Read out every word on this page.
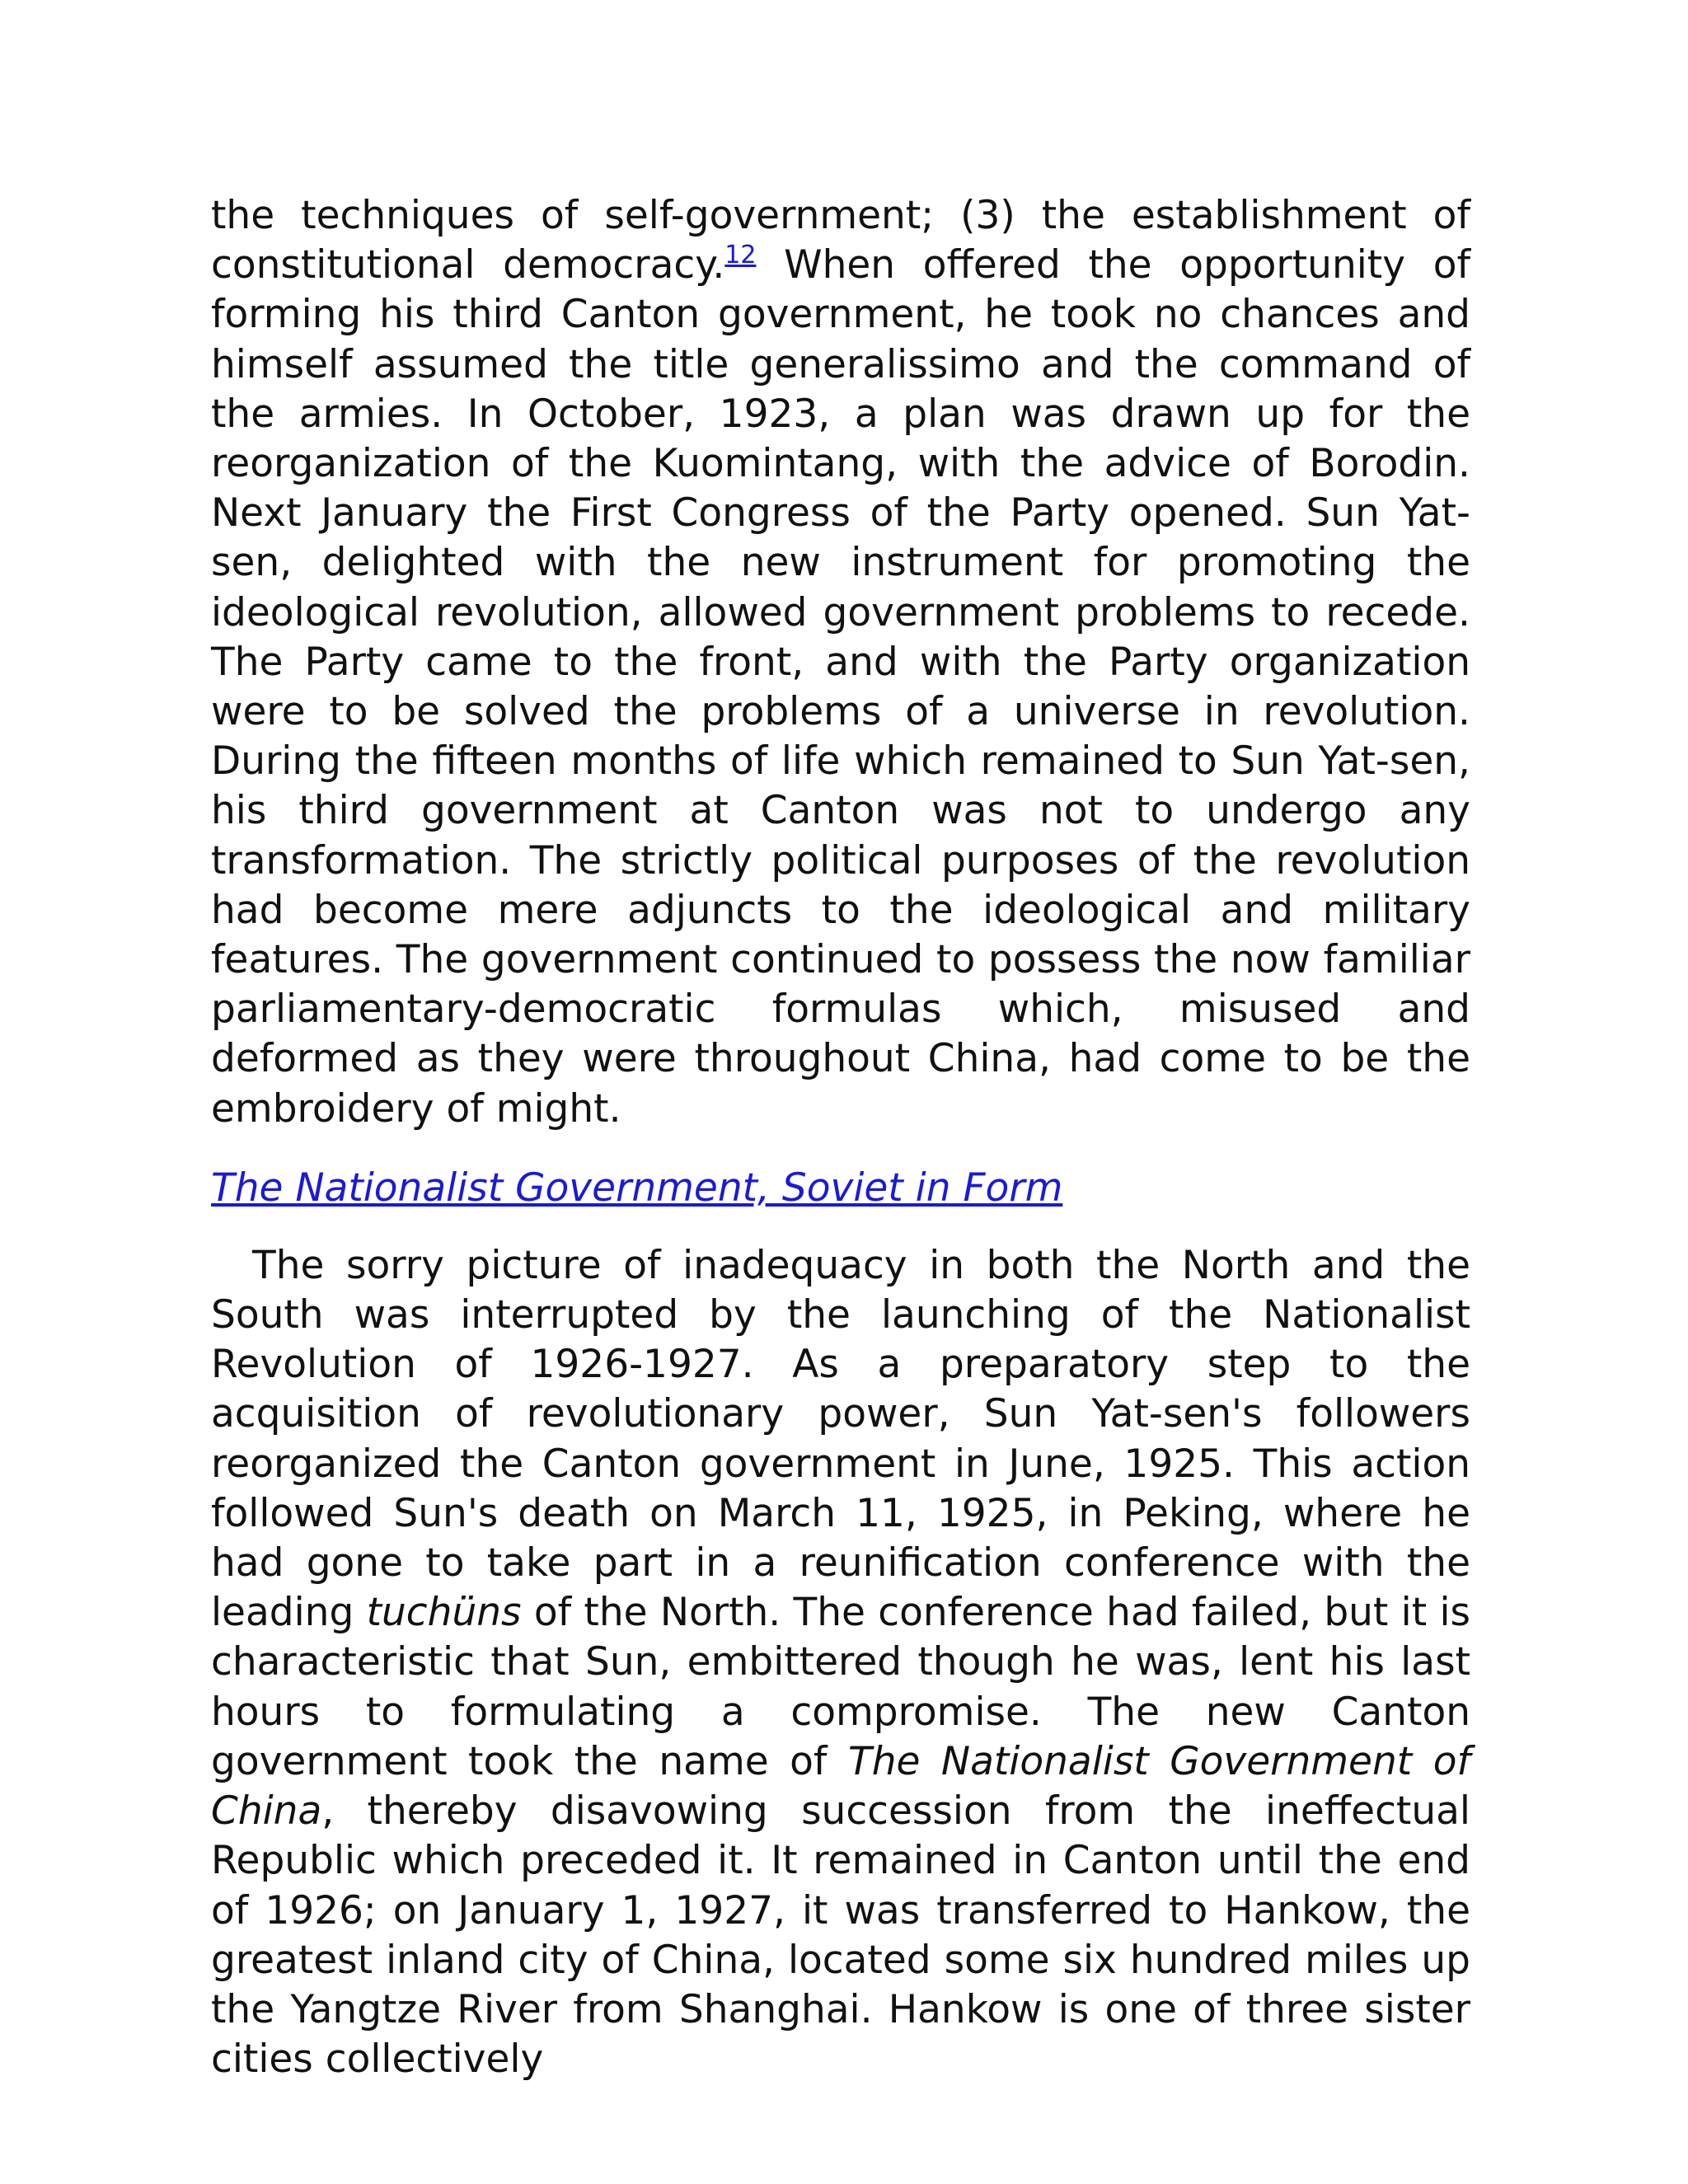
the techniques of self-government; (3) the establishment of constitutional democracy.$^{12}$ When offered the opportunity of forming his third Canton government, he took no chances and himself assumed the title generalissimo and the command of the armies. In October, 1923, a plan was drawn up for the reorganization of the Kuomintang, with the advice of Borodin. Next January the First Congress of the Party opened. Sun Yat-sen, delighted with the new instrument for promoting the ideological revolution, allowed government problems to recede. The Party came to the front, and with the Party organization were to be solved the problems of a universe in revolution. During the fifteen months of life which remained to Sun Yat-sen, his third government at Canton was not to undergo any transformation. The strictly political purposes of the revolution had become mere adjuncts to the ideological and military features. The government continued to possess the now familiar parliamentary-democratic formulas which, misused and deformed as they were throughout China, had come to be the embroidery of might.

The Nationalist Government, Soviet in Form

The sorry picture of inadequacy in both the North and the South was interrupted by the launching of the Nationalist Revolution of 1926-1927. As a preparatory step to the acquisition of revolutionary power, Sun Yat-sen's followers reorganized the Canton government in June, 1925. This action followed Sun's death on March 11, 1925, in Peking, where he had gone to take part in a reunification conference with the leading tuchüns of the North. The conference had failed, but it is characteristic that Sun, embittered though he was, lent his last hours to formulating a compromise. The new Canton government took the name of The Nationalist Government of China, thereby disavowing succession from the ineffectual Republic which preceded it. It remained in Canton until the end of 1926; on January 1, 1927, it was transferred to Hankow, the greatest inland city of China, located some six hundred miles up the Yangtze River from Shanghai. Hankow is one of three sister cities collectively
